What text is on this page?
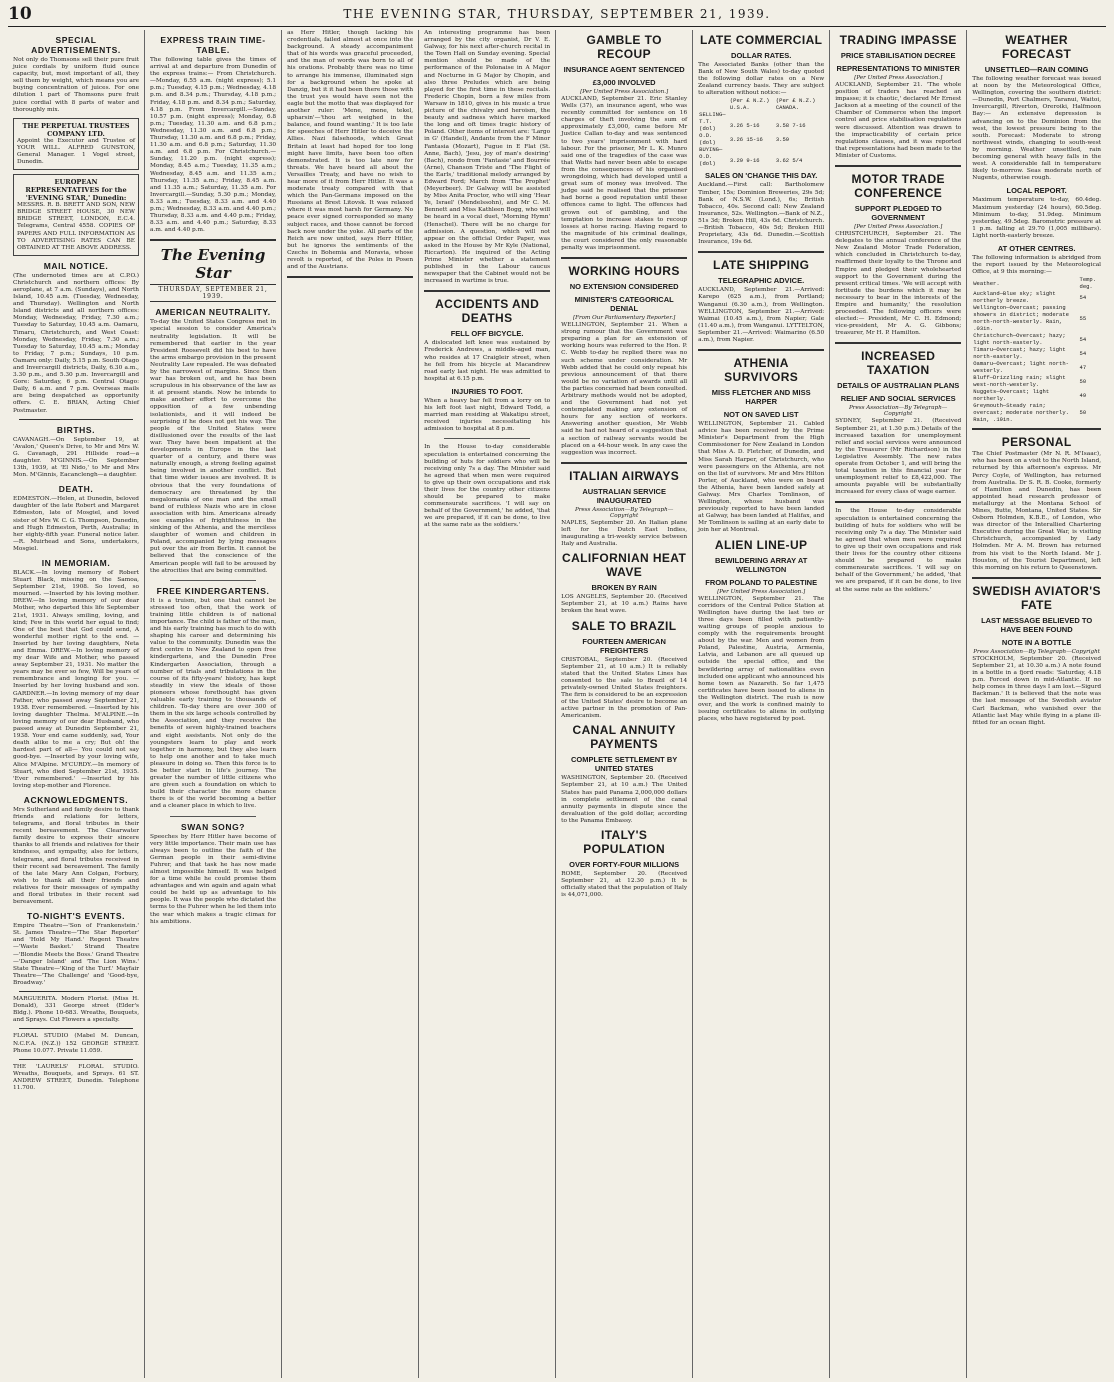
10	THE EVENING STAR, THURSDAY, SEPTEMBER 21, 1939.
SPECIAL ADVERTISEMENTS.

Not only do Thomsons sell their pure fruit juice cordials by uniform fluid ounce capacity, but, most important of all, they sell them by weight, which means you are buying concentration of juices. For one dilution 1 part of Thomsons pure fruit juice cordial with 8 parts of water and thoroughly mix.

THE PERPETUAL TRUSTEES COMPANY LTD.

Appoint the Executor and Trustee of YOUR WILL. ALFRED GUNSTON, General Manager. 1 Vogel street, Dunedin.

EUROPEAN REPRESENTATIVES for the 'EVENING STAR,' Dunedin:

MESSRS. R. B. BRETT AND SON, NEW BRIDGE STREET HOUSE, 30 NEW BRIDGE STREET, LONDON, E.C.4. Telegrams, Central 4558. COPIES OF PAPERS AND FULL INFORMATION AS TO ADVERTISING RATES CAN BE OBTAINED AT THE ABOVE ADDRESS.

MAIL NOTICE.

(The undernoted times are at C.P.O.) Christchurch and northern offices: By aeroplane, at 7 a.m. (Sundays), and North Island, 10.45 a.m. (Tuesday, Wednesday, and Thursday). Wellington and North Island districts and all northern offices: Monday, Wednesday, Friday, 7.30 a.m.; Tuesday to Saturday, 10.45 a.m. Oamaru, Timaru, Christchurch, and West Coast: Monday, Wednesday, Friday, 7.30 a.m.; Tuesday to Saturday, 10.45 a.m.; Monday to Friday, 7 p.m.; Sundays, 10 p.m. Oamaru only: Daily, 5.15 p.m. South Otago and Invercargill districts, Daily, 6.30 a.m., 3.30 p.m., and 5.30 p.m. Invercargill and Gore: Saturday, 6 p.m. Central Otago: Daily, 6 a.m. and 7 p.m. Overseas mails are being despatched as opportunity offers. C. E. BRIAN, Acting Chief Postmaster.

BIRTHS.

CAVANAGH.—On September 19, at 'Avalon,' Queen's Drive, to Mr and Mrs W. G. Cavanagh, 291 Hillside road—a daughter. M'GINNIS.—On September 13th, 1939, at 'El Nido,' to Mr and Mrs Mon. M'Ginnis, Eacanclengh—a daughter.

DEATH.

EDMESTON.—Helen, at Dunedin, beloved daughter of the late Robert and Margaret Edmeston, late of Mosgiel, and loved sister of Mrs W. C. G. Thompson, Dunedin, and Hugh Edmeston, Perth, Australia; in her eighty-fifth year. Funeral notice later.—R. Muirhead and Sons, undertakers, Mosgiel.

IN MEMORIAM.

BLACK.—In loving memory of Robert Stuart Black, missing on the Samoa, September 21st, 1908. So loved, so mourned. —Inserted by his loving mother. DREW.—In loving memory of our dear Mother, who departed this life September 21st, 1931. Always smiling, loving, and kind; Few in this world her equal to find; One of the best that God could send, A wonderful mother right to the end. —Inserted by her loving daughters, Neta and Emma. DREW.—In loving memory of my dear Wife and Mother, who passed away September 21, 1931. No matter the years may be ever so few, Will be years of remembrance and longing for you. —Inserted by her loving husband and son. GARDNER.—In loving memory of my dear Father, who passed away September 21, 1938. Ever remembered. —Inserted by his loving daughter Thelma. M'ALPINE.—In loving memory of our dear Husband, who passed away at Dunedin September 21, 1938. Your end came suddenly, sad, Your death alike to me a cry; But oh! the hardest part of all— You could not say good-bye. —Inserted by your loving wife, Alice M'Alpine. M'CURDY.—In memory of Stuart, who died September 21st, 1935. 'Ever remembered.' —Inserted by his loving step-mother and Florence.

ACKNOWLEDGMENTS.

Mrs Sutherland and family desire to thank friends and relations for letters, telegrams, and floral tributes in their recent bereavement. The Clearwater family desire to express their sincere thanks to all friends and relatives for their kindness, and sympathy, also for letters, telegrams, and floral tributes received in their recent sad bereavement. The family of the late Mary Ann Colgan, Forbury, wish to thank all their friends and relatives for their messages of sympathy and floral tributes in their recent sad bereavement.

TO-NIGHT'S EVENTS.

Empire Theatre—'Son of Frankenstein.' St. James Theatre—'The Star Reporter' and 'Hold My Hand.' Regent Theatre—'Waste Basket.' Strand Theatre—'Blondie Meets the Boss.' Grand Theatre—'Danger Island' and 'The Lion Wins.' State Theatre—'King of the Turf.' Mayfair Theatre—'The Challenge' and 'Good-bye, Broadway.'

MARGUERITA. Modern Florist. (Miss H. Donald), 331 George street (Elder's Bldg.). Phone 10-683. Wreaths, Bouquets, and Sprays. Cut Flowers a specialty.

FLORAL STUDIO (Mabel M. Duncan, N.C.F.A. (N.Z.)) 152 GEORGE STREET. Phone 10.077. Private 11.059.

THE 'LAURELS' FLORAL STUDIO. Wreaths, Bouquets, and Sprays. 61 ST. ANDREW STREET, Dunedin. Telephone 11.700.

EXPRESS TRAIN TIME-TABLE.

The following table gives the times of arrival at and departure from Dunedin of the express trains:— From Christchurch.—Monday, 6.55 a.m. (night express); 5.1 p.m.; Tuesday, 4.15 p.m.; Wednesday, 4.18 p.m. and 8.34 p.m.; Thursday, 4.18 p.m.; Friday, 4.18 p.m. and 8.34 p.m.; Saturday, 4.18 p.m. From Invercargill.—Sunday, 10.57 p.m. (night express); Monday, 6.8 p.m.; Tuesday, 11.30 a.m. and 6.8 p.m.; Wednesday, 11.30 a.m. and 6.8 p.m.; Thursday, 11.30 a.m. and 6.8 p.m.; Friday, 11.30 a.m. and 6.8 p.m.; Saturday, 11.30 a.m. and 6.8 p.m. For Christchurch.—Sunday, 11.20 p.m. (night express); Monday, 8.45 a.m.; Tuesday, 11.35 a.m.; Wednesday, 8.45 a.m. and 11.35 a.m.; Thursday, 11.35 a.m.; Friday, 8.45 a.m. and 11.35 a.m.; Saturday, 11.35 a.m. For Invercargill.—Sunday, 5.30 p.m.; Monday, 8.33 a.m.; Tuesday, 8.33 a.m. and 4.40 p.m.; Wednesday, 8.33 a.m. and 4.40 p.m.; Thursday, 8.33 a.m. and 4.40 p.m.; Friday, 8.33 a.m. and 4.40 p.m.; Saturday, 8.33 a.m. and 4.40 p.m.

The Evening Star
THURSDAY, SEPTEMBER 21, 1939.
AMERICAN NEUTRALITY.

To-day the United States Congress met in special session to consider America's neutrality legislation. It will be remembered that earlier in the year President Roosevelt did his best to have the arms embargo provision in the present Neutrality Law repealed. He was defeated by the narrowest of margins. Since then war has broken out, and he has been scrupulous in his observance of the law as it at present stands. Now he intends to make another effort to overcome the opposition of a few unbending isolationists, and it will indeed be surprising if he does not get his way. The people of the United States were disillusioned over the results of the last war. They have been impatient at the developments in Europe in the last quarter of a century, and there was naturally enough, a strong feeling against being involved in another conflict. But that time wider issues are involved. It is obvious that the very foundations of democracy are threatened by the megalomania of one man and the small band of ruthless Nazis who are in close association with him. Americans already see examples of frightfulness in the sinking of the Athenia, and the merciless slaughter of women and children in Poland, accompanied by lying messages put over the air from Berlin. It cannot be believed that the conscience of the American people will fail to be aroused by the atrocities that are being committed.

FREE KINDERGARTENS.

It is a truism, but one that cannot be stressed too often, that the work of training little children is of national importance. The child is father of the man, and his early training has much to do with shaping his career and determining his value to the community. Dunedin was the first centre in New Zealand to open free kindergartens, and the Dunedin Free Kindergarten Association, through a number of trials and tribulations in the course of its fifty-years' history, has kept steadily in view the ideals of those pioneers whose forethought has given valuable early training to thousands of children. To-day there are over 300 of them in the six large schools controlled by the Association, and they receive the benefits of seven highly-trained teachers and eight assistants. Not only do the youngsters learn to play and work together in harmony, but they also learn to help one another and to take much pleasure in doing so. Then this force is to be better start in life's journey. The greater the number of little citizens who are given such a foundation on which to build their character the more chance there is of the world becoming a better and a cleaner place in which to live.

SWAN SONG?

Speeches by Herr Hitler have become of very little importance. Their main use has always been to outline the faith of the German people in their semi-divine Fuhrer, and that task he has now made almost impossible himself. It was helped for a time while he could promise them advantages and win again and again what could be held up as advantage to his people. It was the people who dictated the terms to the Fuhrer when he led them into the war which makes a tragic climax for his ambitions.

as Herr Hitler, though lacking his credentials, failed almost at once into the background. A steady accompaniment that of his words was graceful proceeded, and the man of words was born to all of his orations. Probably there was no time to arrange his immense, illuminated sign for a background when he spoke at Danzig, but it it had been there those with the trust yes would have seen not the eagle but the motto that was displayed for another ruler: 'Mene, mene, tekel, upharsin'—'thou art weighed in the balance, and found wanting.' It is too late for speeches of Herr Hitler to deceive the Allies. Nazi falsehoods, which Great Britain at least had hoped for too long might have limits, have been too often demonstrated. It is too late now for threats. We have heard all about the Versailles Treaty, and have no wish to hear more of it from Herr Hitler. It was a moderate treaty compared with that which the Pan-Germans imposed on the Russians at Brest Litovsk. It was relaxed where it was most harsh for Germany. No peace ever signed corresponded so many subject races, and those cannot be forced back now under the yoke. All parts of the Reich are now united, says Herr Hitler, but he ignores the sentiments of the Czechs in Bohemia and Moravia, whose revolt is reported, of the Poles in Posen and of the Austrians.

An interesting programme has been arranged by the city organist, Dr V. E. Galway, for his next after-church recital in the Town Hall on Sunday evening. Special mention should be made of the performance of the Polonaise in A Major and Nocturne in G Major by Chopin, and also three Preludes which are being played for the first time in these recitals. Frederic Chopin, born a few miles from Warsaw in 1810, gives in his music a true picture of the chivalry and heroism, the beauty and sadness which have marked the long and oft times tragic history of Poland. Other items of interest are: 'Largo in G' (Handel), Andante from the F Minor Fantasia (Mozart), Fugue in E Flat (St. Anne, Bach), 'Jesu, joy of man's desiring' (Bach), rondo from 'Fantasie' and Bourrée (Arne), Chanson Triste and 'The Flight of the Earls,' traditional melody arranged by Edward Ford; March from 'The Prophet' (Meyerbeer). Dr Galway will be assisted by Miss Anita Proctor, who will sing 'Hear Ye, Israel' (Mendelssohn), and Mr C. M. Bennett and Miss Kathleen Bogg, who will be heard in a vocal duet, 'Morning Hymn' (Henschel). There will be no charge for admission. A question, which will not appear on the official Order Paper, was asked in the House by Mr Kyle (National, Riccarton). He inquired of the Acting Prime Minister whether a statement published in the Labour caucus newspaper that the Cabinet would not be increased in wartime is true.

ACCIDENTS AND DEATHS
FELL OFF BICYCLE.

A dislocated left knee was sustained by Frederick Andrews, a middle-aged man, who resides at 17 Craigleir street, when he fell from his bicycle at Macandrew road early last night. He was admitted to hospital at 6.15 p.m.

INJURIES TO FOOT.

When a heavy bar fell from a lorry on to his left foot last night, Edward Todd, a married man residing at Wakatipu street, received injuries necessitating his admission to hospital at 8 p.m.

In the House to-day considerable speculation is entertained concerning the building of huts for soldiers who will be receiving only 7s a day. The Minister said he agreed that when men were required to give up their own occupations and risk their lives for the country other citizens should be prepared to make commensurate sacrifices. 'I will say on behalf of the Government,' he added, 'that we are prepared, if it can be done, to live at the same rate as the soldiers.'

GAMBLE TO RECOUP
INSURANCE AGENT SENTENCED
£3,000 INVOLVED
[Per United Press Association.]

AUCKLAND, September 21. Eric Stanley Wells (37), an insurance agent, who was recently committed for sentence on 16 charges of theft involving the sum of approximately £3,000, came before Mr Justice Callan to-day and was sentenced to two years' imprisonment with hard labour. For the prisoner, Mr L. K. Munro said one of the tragedies of the case was that Watts had never been able to escape from the consequences of his organised wrongdoing, which had developed until a great sum of money was involved. The judge said he realised that the prisoner had borne a good reputation until these offences came to light. The offences had grown out of gambling, and the temptation to increase stakes to recoup losses at horse racing. Having regard to the magnitude of his criminal dealings, the court considered the only reasonable penalty was imprisonment.

WORKING HOURS
NO EXTENSION CONSIDERED
MINISTER'S CATEGORICAL DENIAL
[From Our Parliamentary Reporter.]

WELLINGTON, September 21. When a strong rumour that the Government was preparing a plan for an extension of working hours was referred to the Hon. P. C. Webb to-day he replied there was no such scheme under consideration. Mr Webb added that he could only repeat his previous announcement of that there would be no variation of awards until all the parties concerned had been consulted. Arbitrary methods would not be adopted, and the Government had not yet contemplated making any extension of hours for any section of workers. Answering another question, Mr Webb said he had not heard of a suggestion that a section of railway servants would be placed on a 44-hour week. In any case the suggestion was incorrect.

ITALIAN AIRWAYS
AUSTRALIAN SERVICE INAUGURATED
Press Association—By Telegraph—Copyright

NAPLES, September 20. An Italian plane left for the Dutch East Indies, inaugurating a tri-weekly service between Italy and Australia.

CALIFORNIAN HEAT WAVE
BROKEN BY RAIN

LOS ANGELES, September 20. (Received September 21, at 10 a.m.) Rains have broken the heat wave.

SALE TO BRAZIL
FOURTEEN AMERICAN FREIGHTERS

CRISTOBAL, September 20. (Received September 21, at 10 a.m.) It is reliably stated that the United States Lines has consented to the sale to Brazil of 14 privately-owned United States freighters. The firm is considered to be an expression of the United States' desire to become an active partner in the promotion of Pan-Americanism.

CANAL ANNUITY PAYMENTS
COMPLETE SETTLEMENT BY UNITED STATES

WASHINGTON, September 20. (Received September 21, at 10 a.m.) The United States has paid Panama 2,000,000 dollars in complete settlement of the canal annuity payments in dispute since the devaluation of the gold dollar, according to the Panama Embassy.

ITALY'S POPULATION
OVER FORTY-FOUR MILLIONS

ROME, September 20. (Received September 21, at 12.30 p.m.) It is officially stated that the population of Italy is 44,071,000.

LATE COMMERCIAL
DOLLAR RATES.

The Associated Banks (other than the Bank of New South Wales) to-day quoted the following dollar rates on a New Zealand currency basis. They are subject to alteration without notice:—

	(Per £ N.Z.) U.S.A.	(Per £ N.Z.) CANADA.
SELLING—		
T.T. (dol)	3.26 5-16	3.58 7-16
O.D. (dol)	3.26 15-16	3.59
BUYING—		
O.D. (dol)	3.29 9-16	3.62 5/4
SALES ON 'CHANGE THIS DAY.

Auckland.—First call: Bartholomew Timber, 15s; Dominion Breweries, 29s 5d; Bank of N.S.W. (Lond.), 6s; British Tobacco, 40s. Second call: New Zealand Insurance, 52s. Wellington.—Bank of N.Z., 51s 3d; Broken Hill, 43s 6d. Christchurch.—British Tobacco, 40s 5d; Broken Hill Proprietary, 43s 6d. Dunedin.—Scottish Insurance, 19s 6d.

LATE SHIPPING
TELEGRAPHIC ADVICE.

AUCKLAND, September 21.—Arrived: Karepo (625 a.m.), from Portland; Wanganui (6.30 a.m.), from Wellington. WELLINGTON, September 21.—Arrived: Waimai (10.45 a.m.), from Napier; Gale (11.40 a.m.), from Wanganui. LYTTELTON, September 21.—Arrived: Waimarino (6.50 a.m.), from Napier.

ATHENIA SURVIVORS
MISS FLETCHER AND MISS HARPER
NOT ON SAVED LIST

WELLINGTON, September 21. Cabled advice has been received by the Prime Minister's Department from the High Commissioner for New Zealand in London that Miss A. D. Fletcher, of Dunedin, and Miss Sarah Harper, of Christchurch, who were passengers on the Athenia, are not on the list of survivors. Mr and Mrs Hilton Porter, of Auckland, who were on board the Athenia, have been landed safely at Galway. Mrs Charles Tomlinson, of Wellington, whose husband was previously reported to have been landed at Galway, has been landed at Halifax, and Mr Tomlinson is sailing at an early date to join her at Montreal.

ALIEN LINE-UP
BEWILDERING ARRAY AT WELLINGTON
FROM POLAND TO PALESTINE
[Per United Press Association.]

WELLINGTON, September 21. The corridors of the Central Police Station at Wellington have during the last two or three days been filled with patiently-waiting groups of people anxious to comply with the requirements brought about by the war. Men and women from Poland, Palestine, Austria, Armenia, Latvia, and Lebanon are all queued up outside the special office, and the bewildering array of nationalities even included one applicant who announced his home town as Nazareth. So far 1,475 certificates have been issued to aliens in the Wellington district. The rush is now over, and the work is confined mainly to issuing certificates to aliens in outlying places, who have registered by post.

TRADING IMPASSE
PRICE STABILISATION DECREE
REPRESENTATIONS TO MINISTER
[Per United Press Association.]

AUCKLAND, September 21. 'The whole position of traders has reached an impasse; it is chaotic,' declared Mr Ernest Jackson at a meeting of the council of the Chamber of Commerce when the import control and price stabilisation regulations were discussed. Attention was drawn to the impracticability of certain price regulations clauses, and it was reported that representations had been made to the Minister of Customs.

MOTOR TRADE CONFERENCE
SUPPORT PLEDGED TO GOVERNMENT
[Per United Press Association.]

CHRISTCHURCH, September 21. The delegates to the annual conference of the New Zealand Motor Trade Federation, which concluded in Christchurch to-day, reaffirmed their loyalty to the Throne and Empire and pledged their wholehearted support to the Government during the present critical times. 'We will accept with fortitude the burdens which it may be necessary to bear in the interests of the Empire and humanity,' the resolution proceeded. The following officers were elected:— President, Mr C. H. Edmond; vice-president, Mr A. G. Gibbons; treasurer, Mr H. P. Hamilton.

INCREASED TAXATION
DETAILS OF AUSTRALIAN PLANS
RELIEF AND SOCIAL SERVICES
Press Association—By Telegraph—Copyright

SYDNEY, September 21. (Received September 21, at 1.30 p.m.) Details of the increased taxation for unemployment relief and social services were announced by the Treasurer (Mr Richardson) in the Legislative Assembly. The new rates operate from October 1, and will bring the total taxation in this financial year for unemployment relief to £8,422,000. The amounts payable will be substantially increased for every class of wage earner.

In the House to-day considerable speculation is entertained concerning the building of huts for soldiers who will be receiving only 7s a day. The Minister said he agreed that when men were required to give up their own occupations and risk their lives for the country other citizens should be prepared to make commensurate sacrifices. 'I will say on behalf of the Government,' he added, 'that we are prepared, if it can be done, to live at the same rate as the soldiers.'

WEATHER FORECAST
UNSETTLED—RAIN COMING

The following weather forecast was issued at noon by the Meteorological Office, Wellington, covering the southern district:—Dunedin, Port Chalmers, Taranui, Waitoi, Invercargill, Riverton, Oreroiki, Halfmoon Bay:— An extensive depression is advancing on to the Dominion from the west, the lowest pressure being to the south. Forecast: Moderate to strong northwest winds, changing to south-west by morning. Weather unsettled, rain becoming general with heavy falls in the west. A considerable fall in temperature likely to-morrow. Seas moderate north of Nugents, otherwise rough.

LOCAL REPORT.

Maximum temperature to-day, 60.4deg. Maximum yesterday (24 hours), 60.5deg. Minimum to-day, 51.9deg. Minimum yesterday, 49.5deg. Barometric pressure at 1 p.m. falling at 29.70 (1,005 millibars). Light north-easterly breeze.

AT OTHER CENTRES.

The following information is abridged from the report issued by the Meteorological Office, at 9 this morning:—

Weather.	Temp. deg.
Auckland—Blue sky; slight northerly breeze.	54
Wellington—Overcast; passing showers in district; moderate north-north-westerly. Rain, .03in.	55
Christchurch—Overcast; hazy; light north-easterly.	54
Timaru—Overcast; hazy; light north-easterly.	54
Oamaru—Overcast; light north-westerly.	47
Bluff—Drizzling rain; slight west-north-westerly.	50
Nuggets—Overcast; light northerly.	49
Greymouth—Steady rain; overcast; moderate northerly. Rain, .19in.	50
PERSONAL

The Chief Postmaster (Mr N. R. M'Isaac), who has been on a visit to the North Island, returned by this afternoon's express. Mr Percy Coyle, of Wellington, has returned from Australia. Dr S. R. B. Cooke, formerly of Hamilton and Dunedin, has been appointed head research professor of metallurgy at the Montana School of Mines, Butte, Montana, United States. Sir Osborn Holmden, K.B.E., of London, who was director of the Interallied Chartering Executive during the Great War, is visiting Christchurch, accompanied by Lady Holmden. Mr A. M. Brown has returned from his visit to the North Island. Mr J. Houston, of the Tourist Department, left this morning on his return to Queenstown.

SWEDISH AVIATOR'S FATE
LAST MESSAGE BELIEVED TO HAVE BEEN FOUND
NOTE IN A BOTTLE
Press Association—By Telegraph—Copyright

STOCKHOLM, September 20. (Received September 21, at 10.30 a.m.) A note found in a bottle in a fjord reads: 'Saturday, 4.18 p.m. Forced down in mid-Atlantic. If no help comes in three days I am lost.—Sigurd Backman.' It is believed that the note was the last message of the Swedish aviator Carl Backman, who vanished over the Atlantic last May while flying in a plane ill-fitted for an ocean flight.
